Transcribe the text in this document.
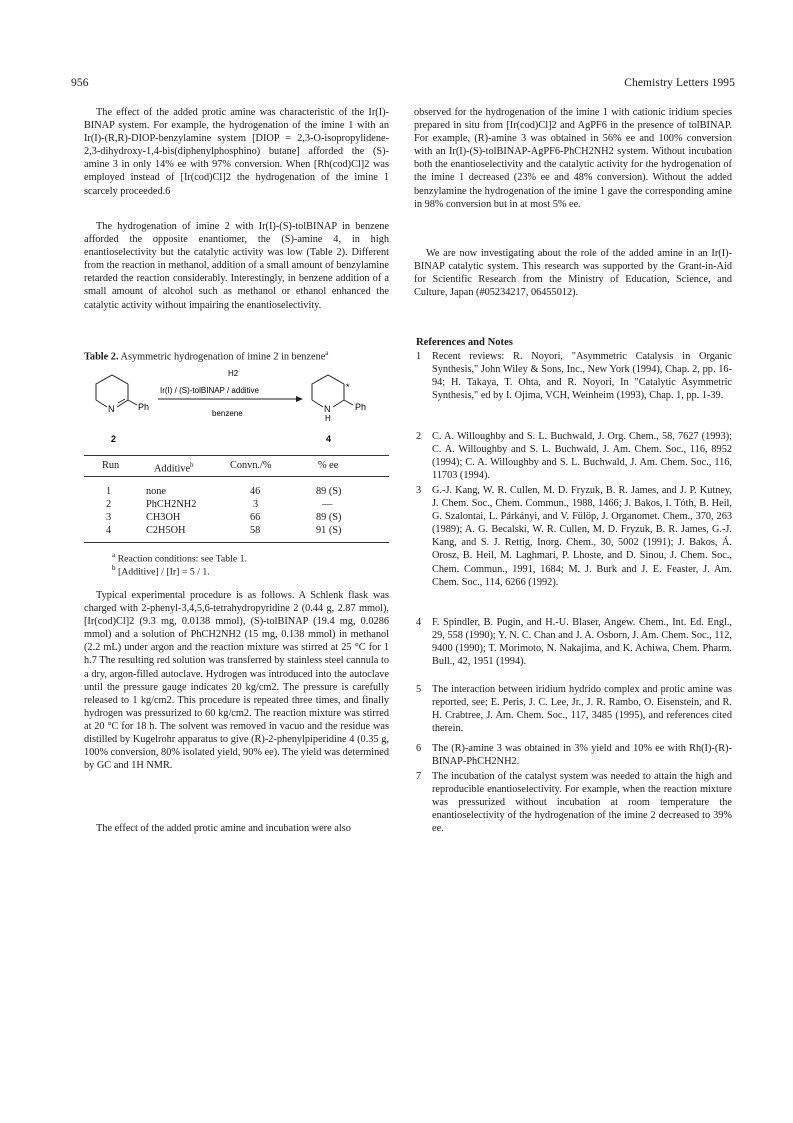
956	Chemistry Letters 1995

The effect of the added protic amine was characteristic of the Ir(I)-BINAP system. For example, the hydrogenation of the imine 1 with an Ir(I)-(R,R)-DIOP-benzylamine system [DIOP = 2,3-O-isopropylidene-2,3-dihydroxy-1,4-bis(diphenylphosphino) butane] afforded the (S)-amine 3 in only 14% ee with 97% conversion. When [Rh(cod)Cl]2 was employed instead of [Ir(cod)Cl]2 the hydrogenation of the imine 1 scarcely proceeded.6

The hydrogenation of imine 2 with Ir(I)-(S)-tolBINAP in benzene afforded the opposite enantiomer, the (S)-amine 4, in high enantioselectivity but the catalytic activity was low (Table 2). Different from the reaction in methanol, addition of a small amount of benzylamine retarded the reaction considerably. Interestingly, in benzene addition of a small amount of alcohol such as methanol or ethanol enhanced the catalytic activity without impairing the enantioselectivity.

Table 2. Asymmetric hydrogenation of imine 2 in benzene$^a$
N	Ph
2
H2
Ir(I) / (S)-tolBINAP / additive
benzene
*
N
H
Ph
4
Run	Additive$^b$	Convn./%	% ee
1	none	46	89 (S)
2	PhCH2NH2	3	—
3	CH3OH	66	89 (S)
4	C2H5OH	58	91 (S)
$^a$ Reaction conditions: see Table 1.
$^b$ [Additive] / [Ir] = 5 / 1.

Typical experimental procedure is as follows. A Schlenk flask was charged with 2-phenyl-3,4,5,6-tetrahydropyridine 2 (0.44 g, 2.87 mmol), [Ir(cod)Cl]2 (9.3 mg, 0.0138 mmol), (S)-tolBINAP (19.4 mg, 0.0286 mmol) and a solution of PhCH2NH2 (15 mg, 0.138 mmol) in methanol (2.2 mL) under argon and the reaction mixture was stirred at 25 °C for 1 h.7 The resulting red solution was transferred by stainless steel cannula to a dry, argon-filled autoclave. Hydrogen was introduced into the autoclave until the pressure gauge indicates 20 kg/cm2. The pressure is carefully released to 1 kg/cm2. This procedure is repeated three times, and finally hydrogen was pressurized to 60 kg/cm2. The reaction mixture was stirred at 20 °C for 18 h. The solvent was removed in vacuo and the residue was distilled by Kugelrohr apparatus to give (R)-2-phenylpiperidine 4 (0.35 g, 100% conversion, 80% isolated yield, 90% ee). The yield was determined by GC and 1H NMR.

The effect of the added protic amine and incubation were also

observed for the hydrogenation of the imine 1 with cationic iridium species prepared in situ from [Ir(cod)Cl]2 and AgPF6 in the presence of tolBINAP. For example, (R)-amine 3 was obtained in 56% ee and 100% conversion with an Ir(I)-(S)-tolBINAP-AgPF6-PhCH2NH2 system. Without incubation both the enantioselectivity and the catalytic activity for the hydrogenation of the imine 1 decreased (23% ee and 48% conversion). Without the added benzylamine the hydrogenation of the imine 1 gave the corresponding amine in 98% conversion but in at most 5% ee.

We are now investigating about the role of the added amine in an Ir(I)-BINAP catalytic system. This research was supported by the Grant-in-Aid for Scientific Research from the Ministry of Education, Science, and Culture, Japan (#05234217, 06455012).

References and Notes
1 Recent reviews: R. Noyori, "Asymmetric Catalysis in Organic Synthesis," John Wiley & Sons, Inc., New York (1994), Chap. 2, pp. 16-94; H. Takaya, T. Ohta, and R. Noyori, In "Catalytic Asymmetric Synthesis," ed by I. Ojima, VCH, Weinheim (1993), Chap. 1, pp. 1-39.
2 C. A. Willoughby and S. L. Buchwald, J. Org. Chem., 58, 7627 (1993); C. A. Willoughby and S. L. Buchwald, J. Am. Chem. Soc., 116, 8952 (1994); C. A. Willoughby and S. L. Buchwald, J. Am. Chem. Soc., 116, 11703 (1994).
3 G.-J. Kang, W. R. Cullen, M. D. Fryzuk, B. R. James, and J. P. Kutney, J. Chem. Soc., Chem. Commun., 1988, 1466; J. Bakos, I. Tóth, B. Heil, G. Szalontai, L. Párkányi, and V. Fülöp, J. Organomet. Chem., 370, 263 (1989); A. G. Becalski, W. R. Cullen, M. D. Fryzuk, B. R. James, G.-J. Kang, and S. J. Rettig, Inorg. Chem., 30, 5002 (1991); J. Bakos, Á. Orosz, B. Heil, M. Laghmari, P. Lhoste, and D. Sinou, J. Chem. Soc., Chem. Commun., 1991, 1684; M. J. Burk and J. E. Feaster, J. Am. Chem. Soc., 114, 6266 (1992).
4 F. Spindler, B. Pugin, and H.-U. Blaser, Angew. Chem., Int. Ed. Engl., 29, 558 (1990); Y. N. C. Chan and J. A. Osborn, J. Am. Chem. Soc., 112, 9400 (1990); T. Morimoto, N. Nakajima, and K. Achiwa, Chem. Pharm. Bull., 42, 1951 (1994).
5 The interaction between iridium hydrido complex and protic amine was reported, see; E. Peris, J. C. Lee, Jr., J. R. Rambo, O. Eisenstein, and R. H. Crabtree, J. Am. Chem. Soc., 117, 3485 (1995), and references cited therein.
6 The (R)-amine 3 was obtained in 3% yield and 10% ee with Rh(I)-(R)-BINAP-PhCH2NH2.
7 The incubation of the catalyst system was needed to attain the high and reproducible enantioselectivity. For example, when the reaction mixture was pressurized without incubation at room temperature the enantioselectivity of the hydrogenation of the imine 2 decreased to 39% ee.
